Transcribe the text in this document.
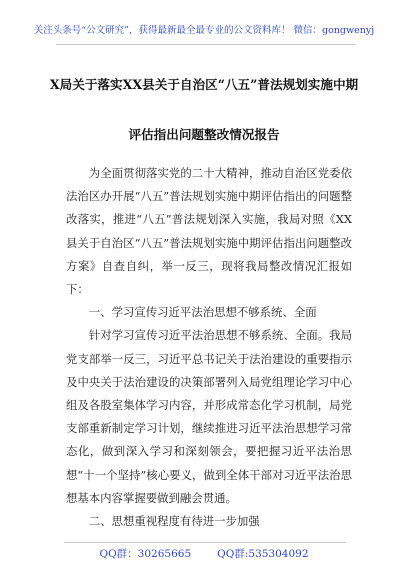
关注头条号“公文研究”，获得最新最全最专业的公文资料库！ 微信：gongwenyj
X局关于落实XX县关于自治区“八五”普法规划实施中期
评估指出问题整改情况报告

为全面贯彻落实党的二十大精神，推动自治区党委依法治区办开展“八五”普法规划实施中期评估指出的问题整改落实，推进“八五”普法规划深入实施，我局对照《XX县关于自治区“八五”普法规划实施中期评估指出问题整改方案》自查自纠，举一反三，现将我局整改情况汇报如下：

一、学习宣传习近平法治思想不够系统、全面

针对学习宣传习近平法治思想不够系统、全面。我局党支部举一反三，习近平总书记关于法治建设的重要指示及中央关于法治建设的决策部署列入局党组理论学习中心组及各股室集体学习内容，并形成常态化学习机制，局党支部重新制定学习计划，继续推进习近平法治思想学习常态化，做到深入学习和深刻领会，要把握习近平法治思想“十一个坚持”核心要义，做到全体干部对习近平法治思想基本内容掌握要做到融会贯通。

二、思想重视程度有待进一步加强

QQ群：30265665 QQ群:535304092
